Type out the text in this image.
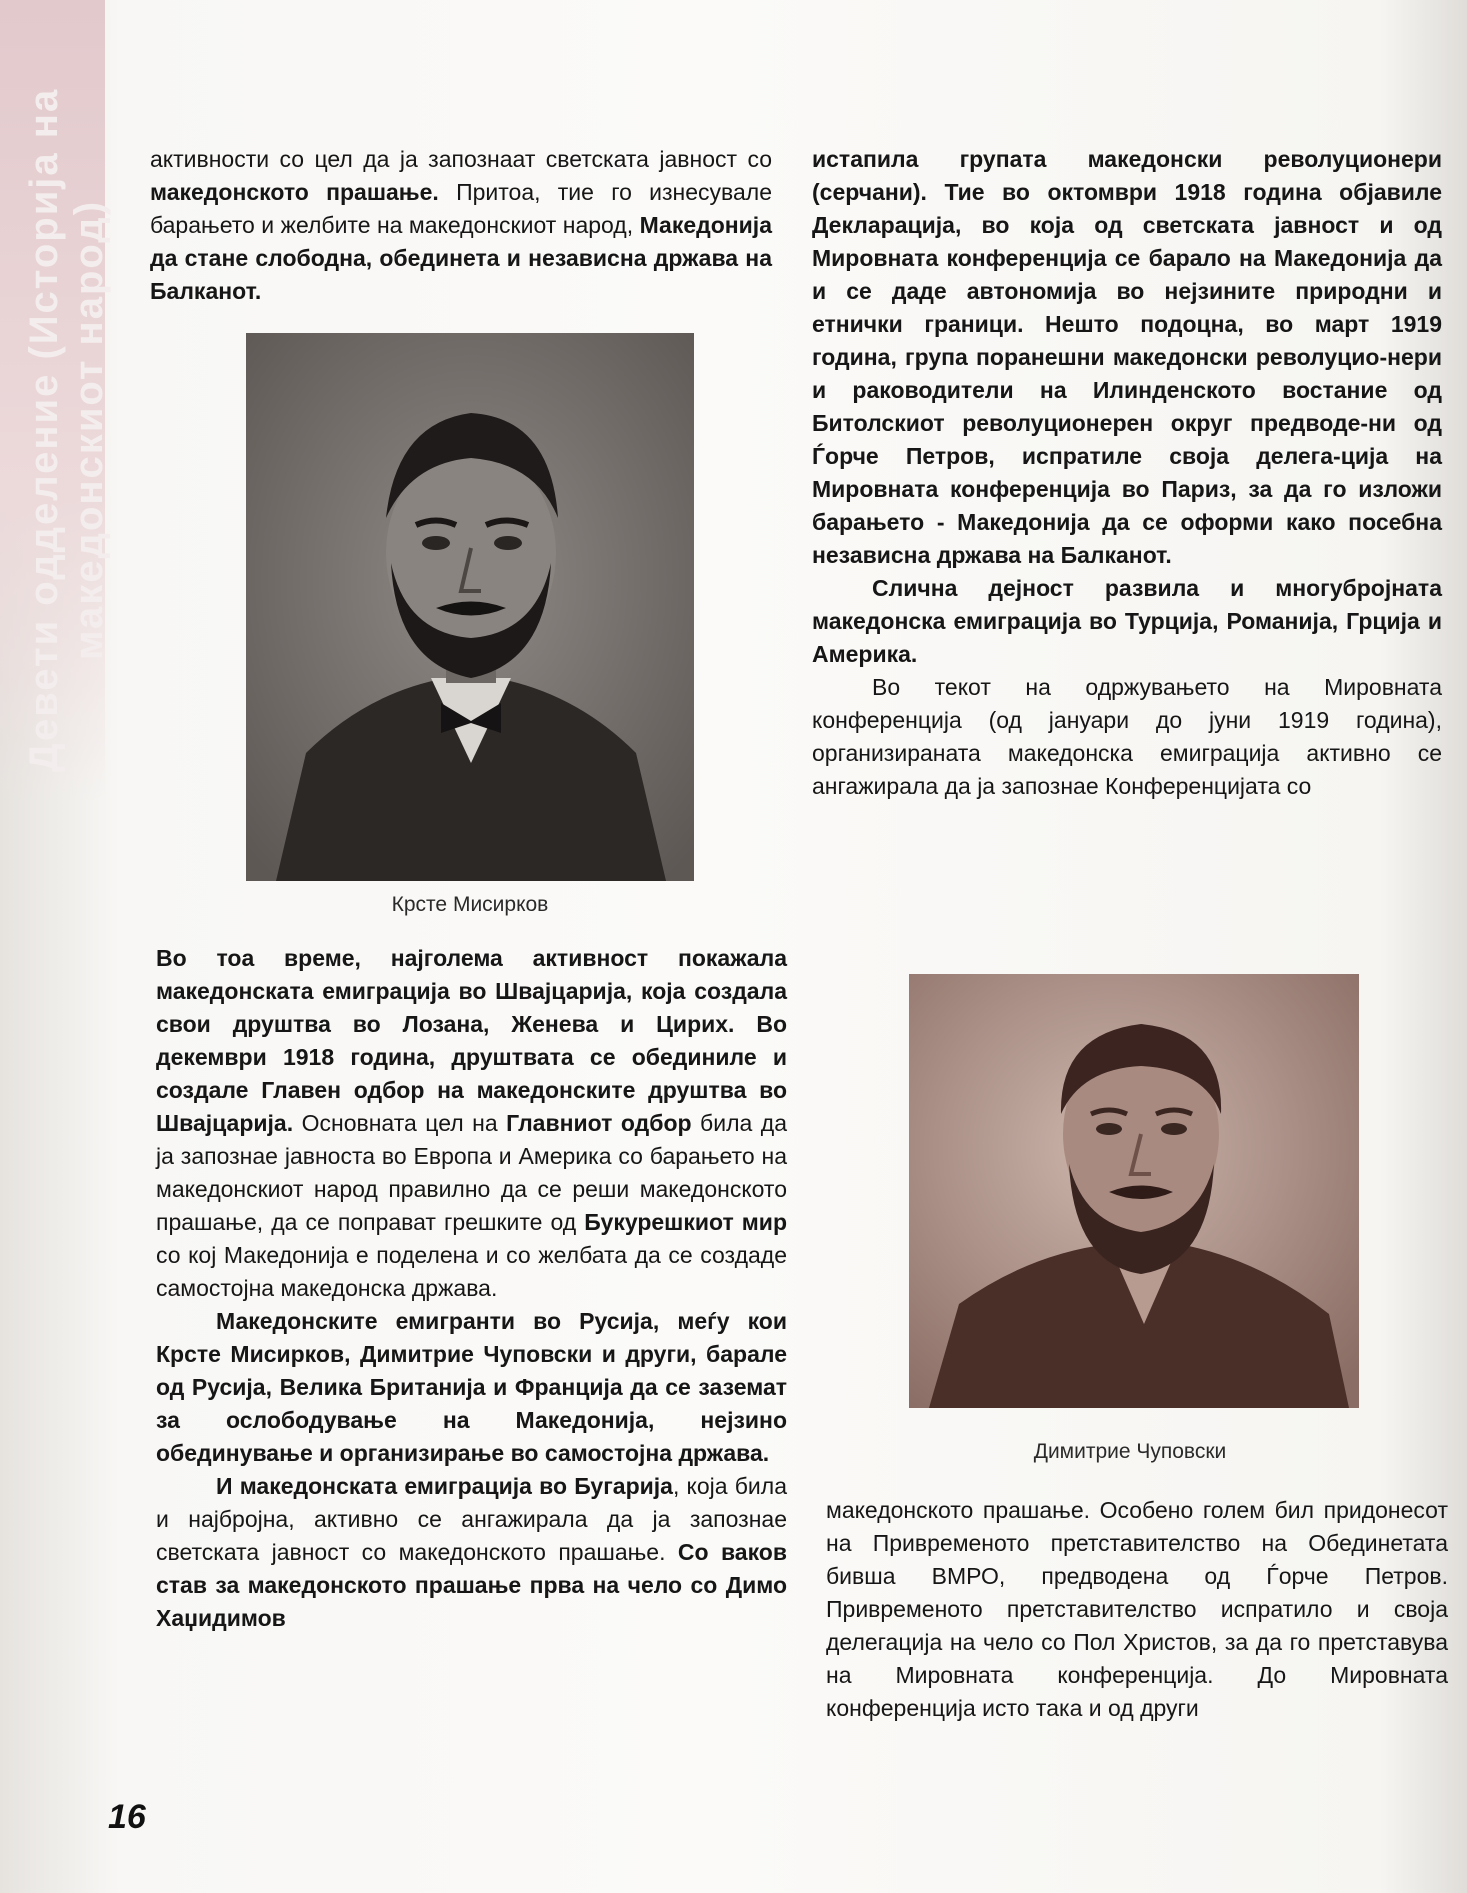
Девети одделение (Историја на македонскиот народ)

активности со цел да ја запознаат светската јавност со македонското прашање. Притоа, тие го изнесувале барањето и желбите на македонскиот народ, Македонија да стане слободна, обединета и независна држава на Балканот.

Крсте Мисирков

Во тоа време, најголема активност покажала македонската емиграција во Швајцарија, која создала свои друштва во Лозана, Женева и Цирих. Во декември 1918 година, друштвата се обединиле и создале Главен одбор на македонските друштва во Швајцарија. Основната цел на Главниот одбор била да ја запознае јавноста во Европа и Америка со барањето на македонскиот народ правилно да се реши македонското прашање, да се поправат грешките од Букурешкиот мир со кој Македонија е поделена и со желбата да се создаде самостојна македонска држава.

Македонските емигранти во Русија, меѓу кои Крсте Мисирков, Димитрие Чуповски и други, барале од Русија, Велика Британија и Франција да се заземат за ослободување на Македонија, нејзино обединување и организирање во самостојна држава.

И македонската емиграција во Бугарија, која била и најбројна, активно се ангажирала да ја запознае светската јавност со македонското прашање. Со ваков став за македонското прашање прва на чело со Димо Хаџидимов

истапила групата македонски револуционери (серчани). Тие во октомври 1918 година објавиле Декларација, во која од светската јавност и од Мировната конференција се барало на Македонија да и се даде автономија во нејзините природни и етнички граници. Нешто подоцна, во март 1919 година, група поранешни македонски револуцио-нери и раководители на Илинденското востание од Битолскиот револуционерен округ предводе-ни од Ѓорче Петров, испратиле своја делега-ција на Мировната конференција во Париз, за да го изложи барањето - Македонија да се оформи како посебна независна држава на Балканот.

Слична дејност развила и многубројната македонска емиграција во Турција, Романија, Грција и Америка.

Во текот на одржувањето на Мировната конференција (од јануари до јуни 1919 година), организираната македонска емиграција активно се ангажирала да ја запознае Конференцијата со

Димитрие Чуповски

македонското прашање. Особено голем бил придонесот на Привременото претставителство на Обединетата бивша ВМРО, предводена од Ѓорче Петров. Привременото претставителство испратило и своја делегација на чело со Пол Христов, за да го претставува на Мировната конференција. До Мировната конференција исто така и од други

16
